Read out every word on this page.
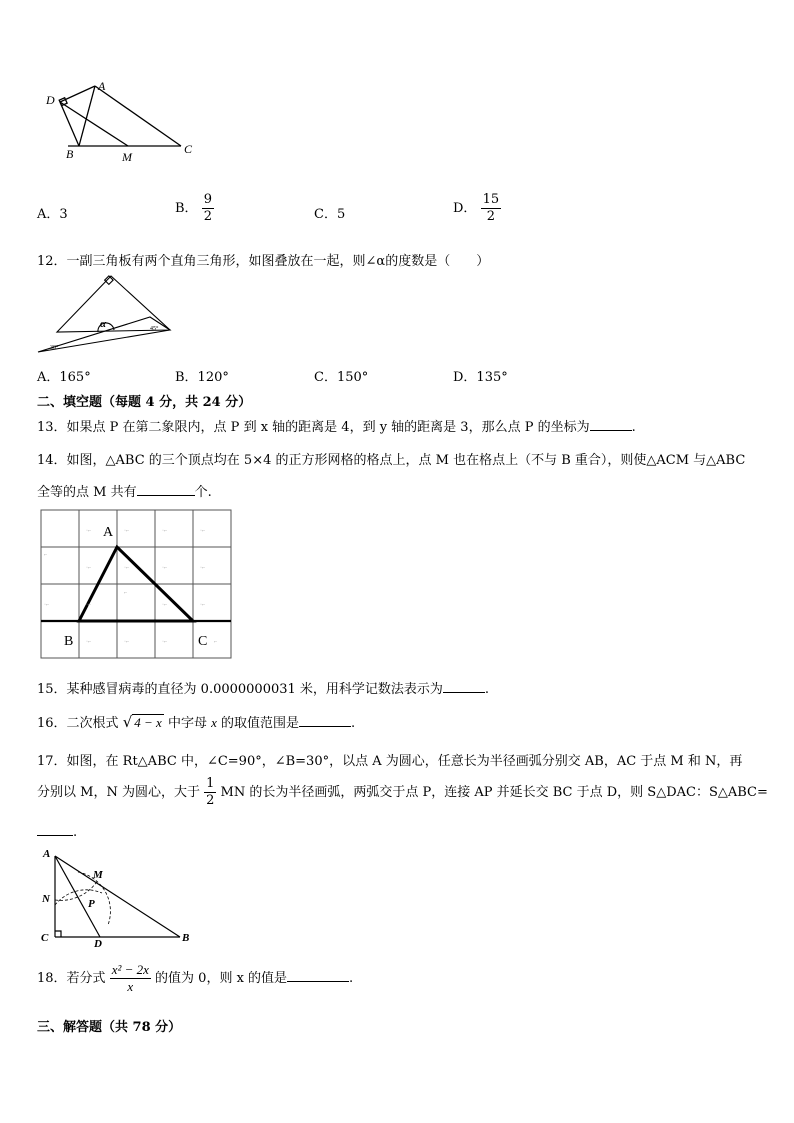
A
D
B	M
C
A．3	B． $\frac{9}{2}$	C．5	D． $\frac{15}{2}$
12．一副三角板有两个直角三角形，如图叠放在一起，则∠α的度数是（　　）
α
30°
45°
A．165°	B．120°	C．150°	D．135°
二、填空题（每题 4 分，共 24 分）
13．如果点 P 在第二象限内，点 P 到 x 轴的距离是 4，到 y 轴的距离是 3，那么点 P 的坐标为	.
14．如图，△ABC 的三个顶点均在 5×4 的正方形网格的格点上，点 M 也在格点上（不与 B 重合），则使△ACM 与△ABC
全等的点 M 共有	个.
·⌐	·⌐	·⌐	·⌐
⌐
·⌐	·⌐	·⌐	·⌐
·⌐	·⌐
⌐
·⌐	·⌐
·⌐	·⌐	·⌐	⌐
A
B	C
15．某种感冒病毒的直径为 0.0000000031 米，用科学记数法表示为	.
16．二次根式 √ 4 − x 中字母 x 的取值范围是	.
17．如图，在 Rt△ABC 中，∠C=90°，∠B=30°，以点 A 为圆心，任意长为半径画弧分别交 AB，AC 于点 M 和 N，再
分别以 M，N 为圆心，大于 $\frac{1}{2}$ MN 的长为半径画弧，两弧交于点 P，连接 AP 并延长交 BC 于点 D，则 S△DAC：S△ABC=
.
A
M
N	P
C	D	B
18．若分式 $\frac{\text{x² − 2x}}{x}$ 的值为 0，则 x 的值是	.
三、解答题（共 78 分）
